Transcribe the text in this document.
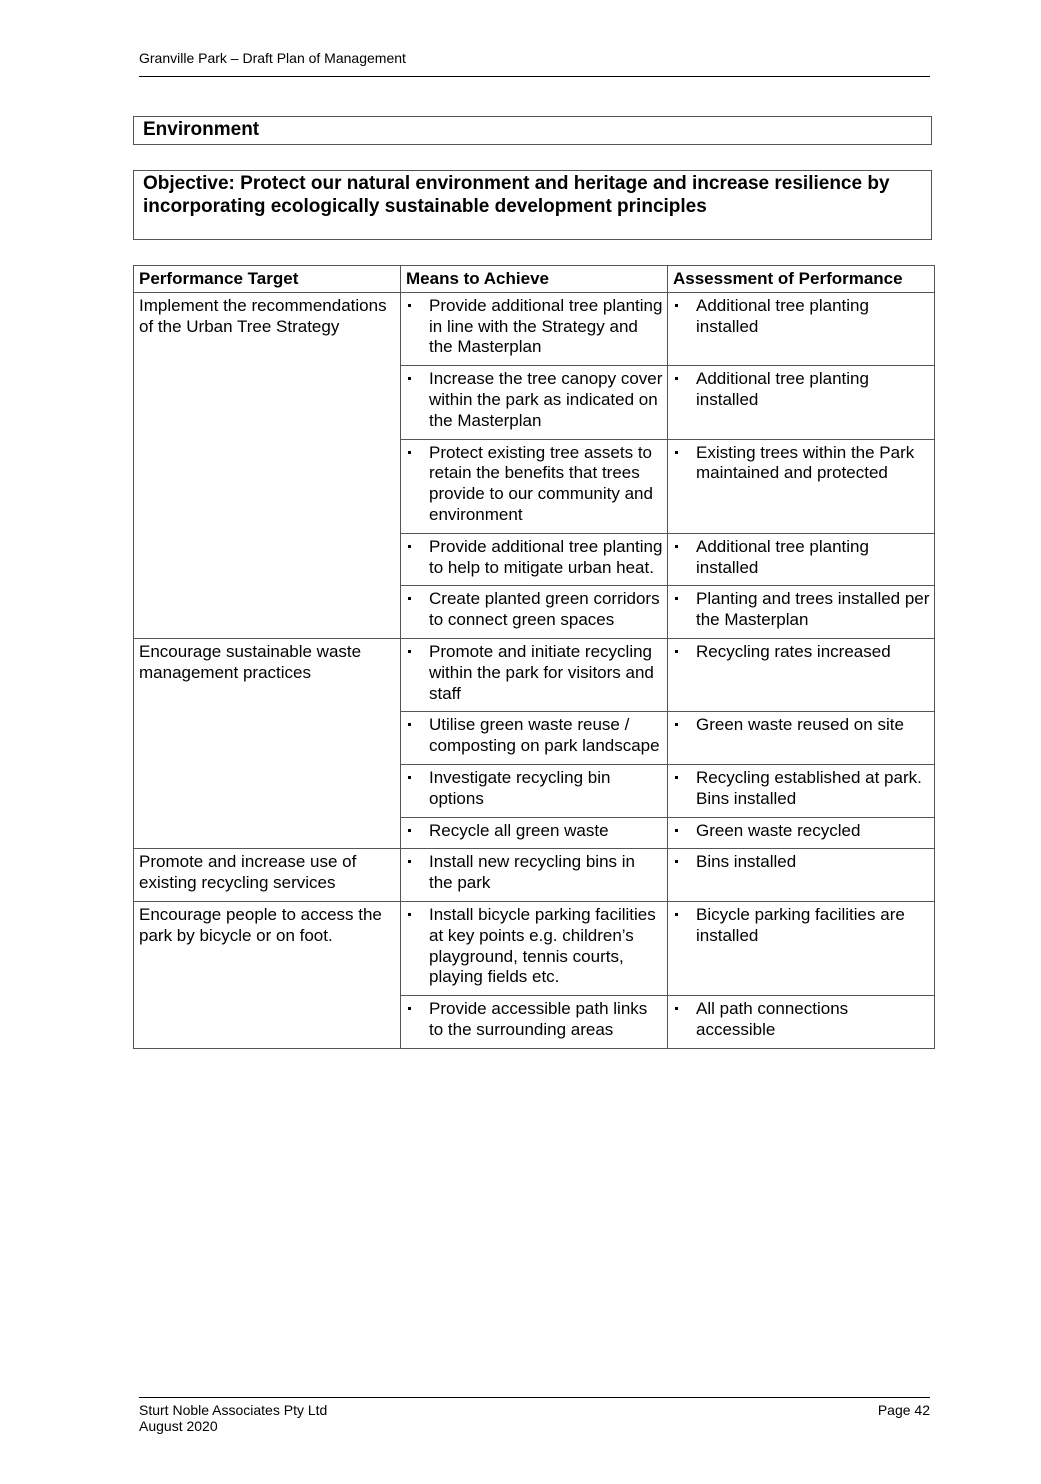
Granville Park – Draft Plan of Management
Environment
Objective: Protect our natural environment and heritage and increase resilience by incorporating ecologically sustainable development principles
Performance Target	Means to Achieve	Assessment of Performance
Implement the recommendations of the Urban Tree Strategy	Provide additional tree planting in line with the Strategy and the Masterplan	Additional tree planting installed
	Increase the tree canopy cover within the park as indicated on the Masterplan	Additional tree planting installed
	Protect existing tree assets to retain the benefits that trees provide to our community and environment	Existing trees within the Park maintained and protected
	Provide additional tree planting to help to mitigate urban heat.	Additional tree planting installed
	Create planted green corridors to connect green spaces	Planting and trees installed per the Masterplan
Encourage sustainable waste management practices	Promote and initiate recycling within the park for visitors and staff	Recycling rates increased
	Utilise green waste reuse / composting on park landscape	Green waste reused on site
	Investigate recycling bin options	Recycling established at park. Bins installed
	Recycle all green waste	Green waste recycled
Promote and increase use of existing recycling services	Install new recycling bins in the park	Bins installed
Encourage people to access the park by bicycle or on foot.	Install bicycle parking facilities at key points e.g. children’s playground, tennis courts, playing fields etc.	Bicycle parking facilities are installed
	Provide accessible path links to the surrounding areas	All path connections accessible
Sturt Noble Associates Pty Ltd
August 2020
Page 42
